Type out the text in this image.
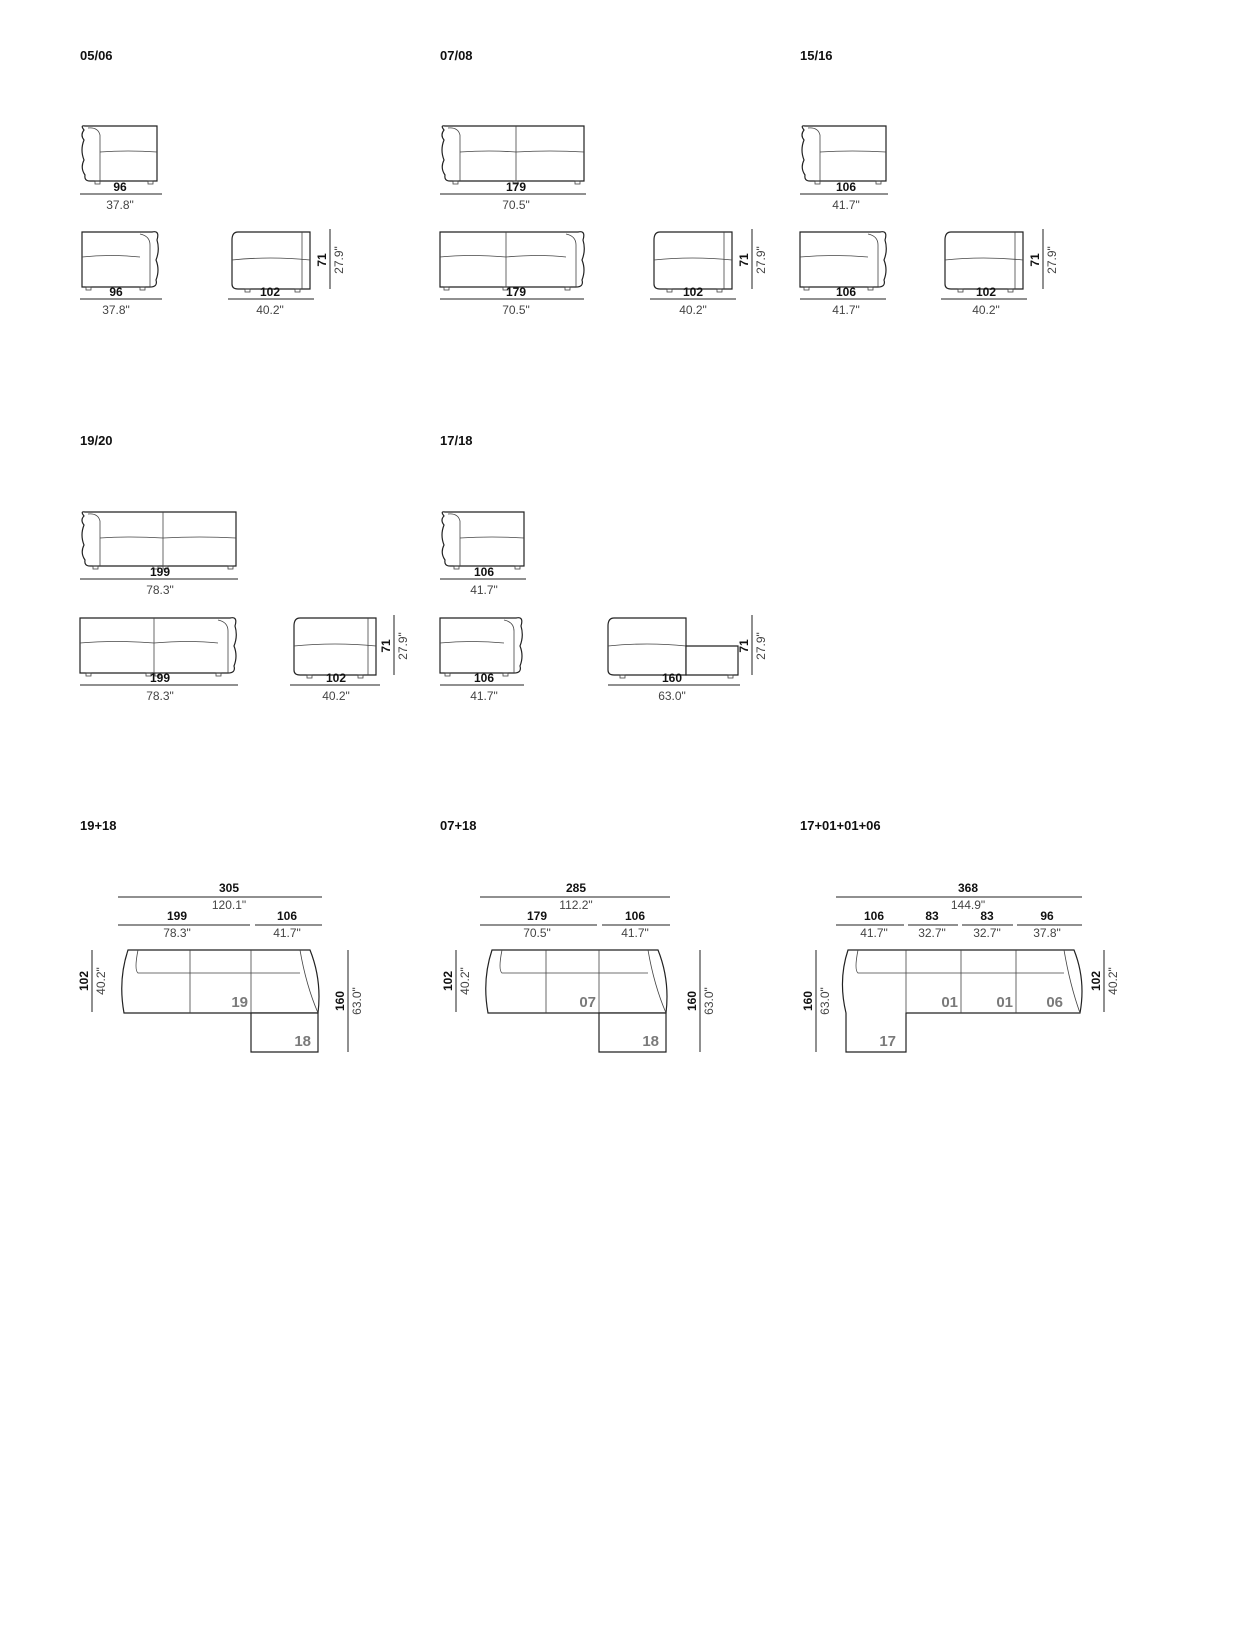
05/06	07/08	15/16
19/20	17/18
19+18	07+18	17+01+01+06
96
37.8"
96
37.8"
102
40.2"
71 27.9"
179
70.5"
179
70.5"
102
40.2"
71 27.9"
106
41.7"
106
41.7"
102
40.2"
71 27.9"
199
78.3"
199
78.3"
102
40.2"
71 27.9"
106
41.7"
106
41.7"
160
63.0"
71 27.9"
305
120.1"
199
78.3"
106
41.7"
102 40.2"
160 63.0"
19
18
285
112.2"
179
70.5"
106
41.7"
102 40.2"
160 63.0"
07
18
368
144.9"
106
41.7"
83
32.7"
83
32.7"
96
37.8"
160 63.0"
102 40.2"
17
01	01 06
